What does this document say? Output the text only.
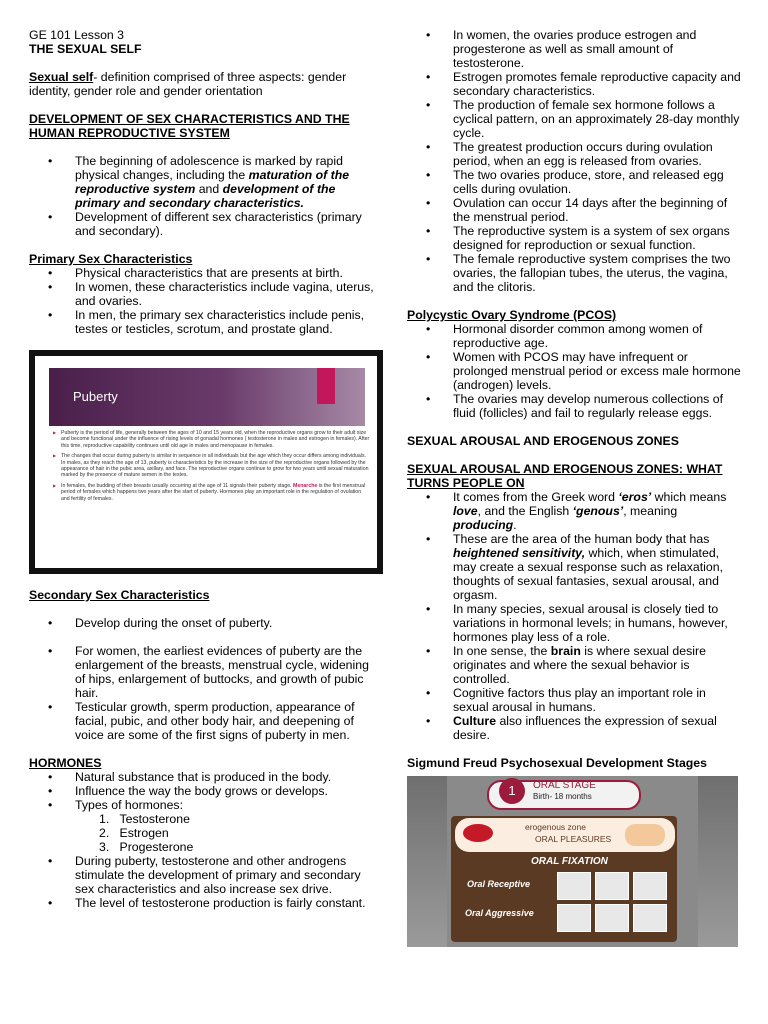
GE 101 Lesson 3

THE SEXUAL SELF

Sexual self- definition comprised of three aspects: gender identity, gender role and gender orientation

DEVELOPMENT OF SEX CHARACTERISTICS AND THE HUMAN REPRODUCTIVE SYSTEM

• The beginning of adolescence is marked by rapid physical changes, including the maturation of the reproductive system and development of the primary and secondary characteristics.
• Development of different sex characteristics (primary and secondary).

Primary Sex Characteristics

• Physical characteristics that are presents at birth.
• In women, these characteristics include vagina, uterus, and ovaries.
• In men, the primary sex characteristics include penis, testes or testicles, scrotum, and prostate gland.
Puberty
▶ Puberty is the period of life, generally between the ages of 10 and 15 years old, when the reproductive organs grow to their adult size and become functional under the influence of rising levels of gonadal hormones ( testosterone in males and estrogen in females). After this time, reproductive capability continues until old age in males and menopause in females.
▶ The changes that occur during puberty is similar in sequence in all individuals but the age which they occur differs among individuals. In males, as they reach the age of 13, puberty is characteristics by the increase in the size of the reproductive organs followed by the appearance of hair in the pubic area, axillary, and face. The reproductive organs continue to grow for two years until sexual maturation marked by the presence of mature semen in the testes.
▶ In females, the budding of their breasts usually occurring at the age of 11 signals their puberty stage. Menarche is the first menstrual period of females which happens two years after the start of puberty. Hormones play an important role in the regulation of ovulation and fertility of females.

Secondary Sex Characteristics

• Develop during the onset of puberty.
• For women, the earliest evidences of puberty are the enlargement of the breasts, menstrual cycle, widening of hips, enlargement of buttocks, and growth of pubic hair.
• Testicular growth, sperm production, appearance of facial, pubic, and other body hair, and deepening of voice are some of the first signs of puberty in men.

HORMONES

• Natural substance that is produced in the body.
• Influence the way the body grows or develops.
• Types of hormones:
1.   Testosterone
2.   Estrogen
3.   Progesterone
• During puberty, testosterone and other androgens stimulate the development of primary and secondary sex characteristics and also increase sex drive.
• The level of testosterone production is fairly constant.
• In women, the ovaries produce estrogen and progesterone as well as small amount of testosterone.
• Estrogen promotes female reproductive capacity and secondary characteristics.
• The production of female sex hormone follows a cyclical pattern, on an approximately 28-day monthly cycle.
• The greatest production occurs during ovulation period, when an egg is released from ovaries.
• The two ovaries produce, store, and released egg cells during ovulation.
• Ovulation can occur 14 days after the beginning of the menstrual period.
• The reproductive system is a system of sex organs designed for reproduction or sexual function.
• The female reproductive system comprises the two ovaries, the fallopian tubes, the uterus, the vagina, and the clitoris.

Polycystic Ovary Syndrome (PCOS)

• Hormonal disorder common among women of reproductive age.
• Women with PCOS may have infrequent or prolonged menstrual period or excess male hormone (androgen) levels.
• The ovaries may develop numerous collections of fluid (follicles) and fail to regularly release eggs.

SEXUAL AROUSAL AND EROGENOUS ZONES

SEXUAL AROUSAL AND EROGENOUS ZONES: WHAT TURNS PEOPLE ON

• It comes from the Greek word ‘eros’ which means love, and the English ‘genous’, meaning producing.
• These are the area of the human body that has heightened sensitivity, which, when stimulated, may create a sexual response such as relaxation, thoughts of sexual fantasies, sexual arousal, and orgasm.
• In many species, sexual arousal is closely tied to variations in hormonal levels; in humans, however, hormones play less of a role.
• In one sense, the brain is where sexual desire originates and where the sexual behavior is controlled.
• Cognitive factors thus play an important role in sexual arousal in humans.
• Culture also influences the expression of sexual desire.

Sigmund Freud Psychosexual Development Stages

1	ORAL STAGE
Birth- 18 months
erogenous zone
ORAL PLEASURES
ORAL FIXATION
Oral Receptive
Oral Aggressive
